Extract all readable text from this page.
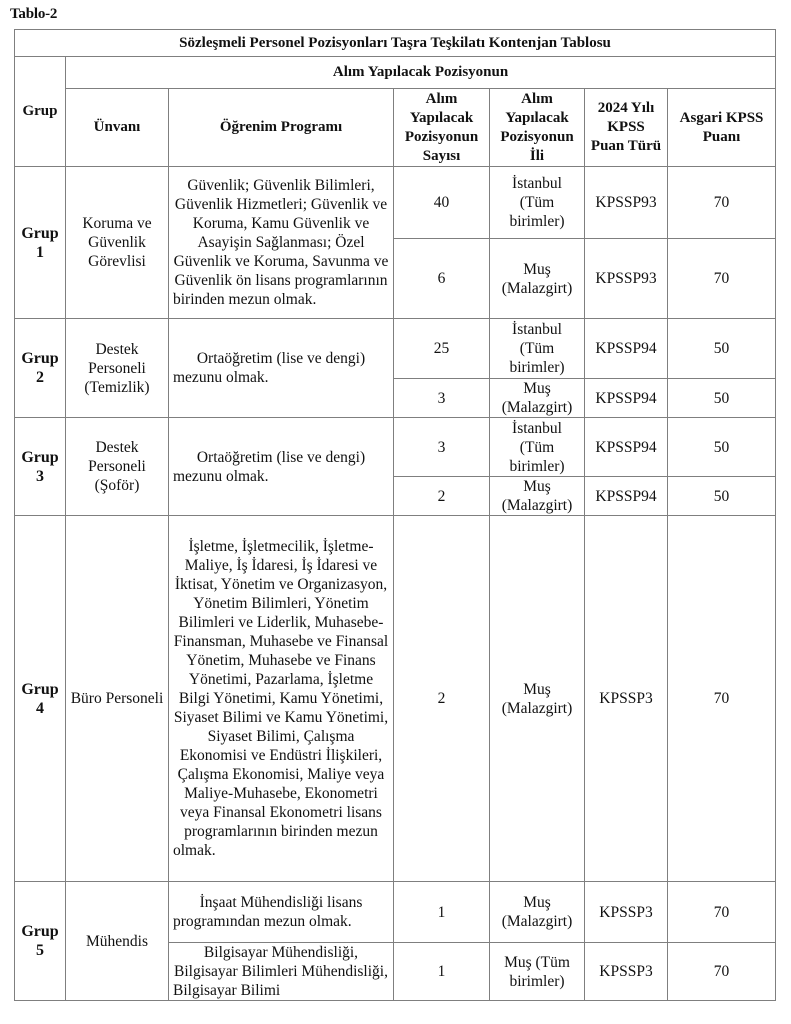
Tablo-2
Sözleşmeli Personel Pozisyonları Taşra Teşkilatı Kontenjan Tablosu						
Grup	Alım Yapılacak Pozisyonun					
	Ünvanı	Öğrenim Programı	Alım Yapılacak Pozisyonun Sayısı	Alım Yapılacak Pozisyonun İli	2024 Yılı KPSS Puan Türü	Asgari KPSS Puanı
Grup 1	Koruma ve Güvenlik Görevlisi	Güvenlik; Güvenlik Bilimleri, Güvenlik Hizmetleri; Güvenlik ve Koruma, Kamu Güvenlik ve Asayişin Sağlanması; Özel Güvenlik ve Koruma, Savunma ve Güvenlik ön lisans programlarının birinden mezun olmak.	40	İstanbul (Tüm birimler)	KPSSP93	70
			6	Muş (Malazgirt)	KPSSP93	70
Grup 2	Destek Personeli (Temizlik)	Ortaöğretim (lise ve dengi) mezunu olmak.	25	İstanbul (Tüm birimler)	KPSSP94	50
			3	Muş (Malazgirt)	KPSSP94	50
Grup 3	Destek Personeli (Şoför)	Ortaöğretim (lise ve dengi) mezunu olmak.	3	İstanbul (Tüm birimler)	KPSSP94	50
			2	Muş (Malazgirt)	KPSSP94	50
Grup 4	Büro Personeli	İşletme, İşletmecilik, İşletme-Maliye, İş İdaresi, İş İdaresi ve İktisat, Yönetim ve Organizasyon, Yönetim Bilimleri, Yönetim Bilimleri ve Liderlik, Muhasebe-Finansman, Muhasebe ve Finansal Yönetim, Muhasebe ve Finans Yönetimi, Pazarlama, İşletme Bilgi Yönetimi, Kamu Yönetimi, Siyaset Bilimi ve Kamu Yönetimi, Siyaset Bilimi, Çalışma Ekonomisi ve Endüstri İlişkileri, Çalışma Ekonomisi, Maliye veya Maliye-Muhasebe, Ekonometri veya Finansal Ekonometri lisans programlarının birinden mezun olmak.	2	Muş (Malazgirt)	KPSSP3	70
Grup 5	Mühendis	İnşaat Mühendisliği lisans programından mezun olmak.	1	Muş (Malazgirt)	KPSSP3	70
		Bilgisayar Mühendisliği, Bilgisayar Bilimleri Mühendisliği, Bilgisayar Bilimi	1	Muş (Tüm birimler)	KPSSP3	70
